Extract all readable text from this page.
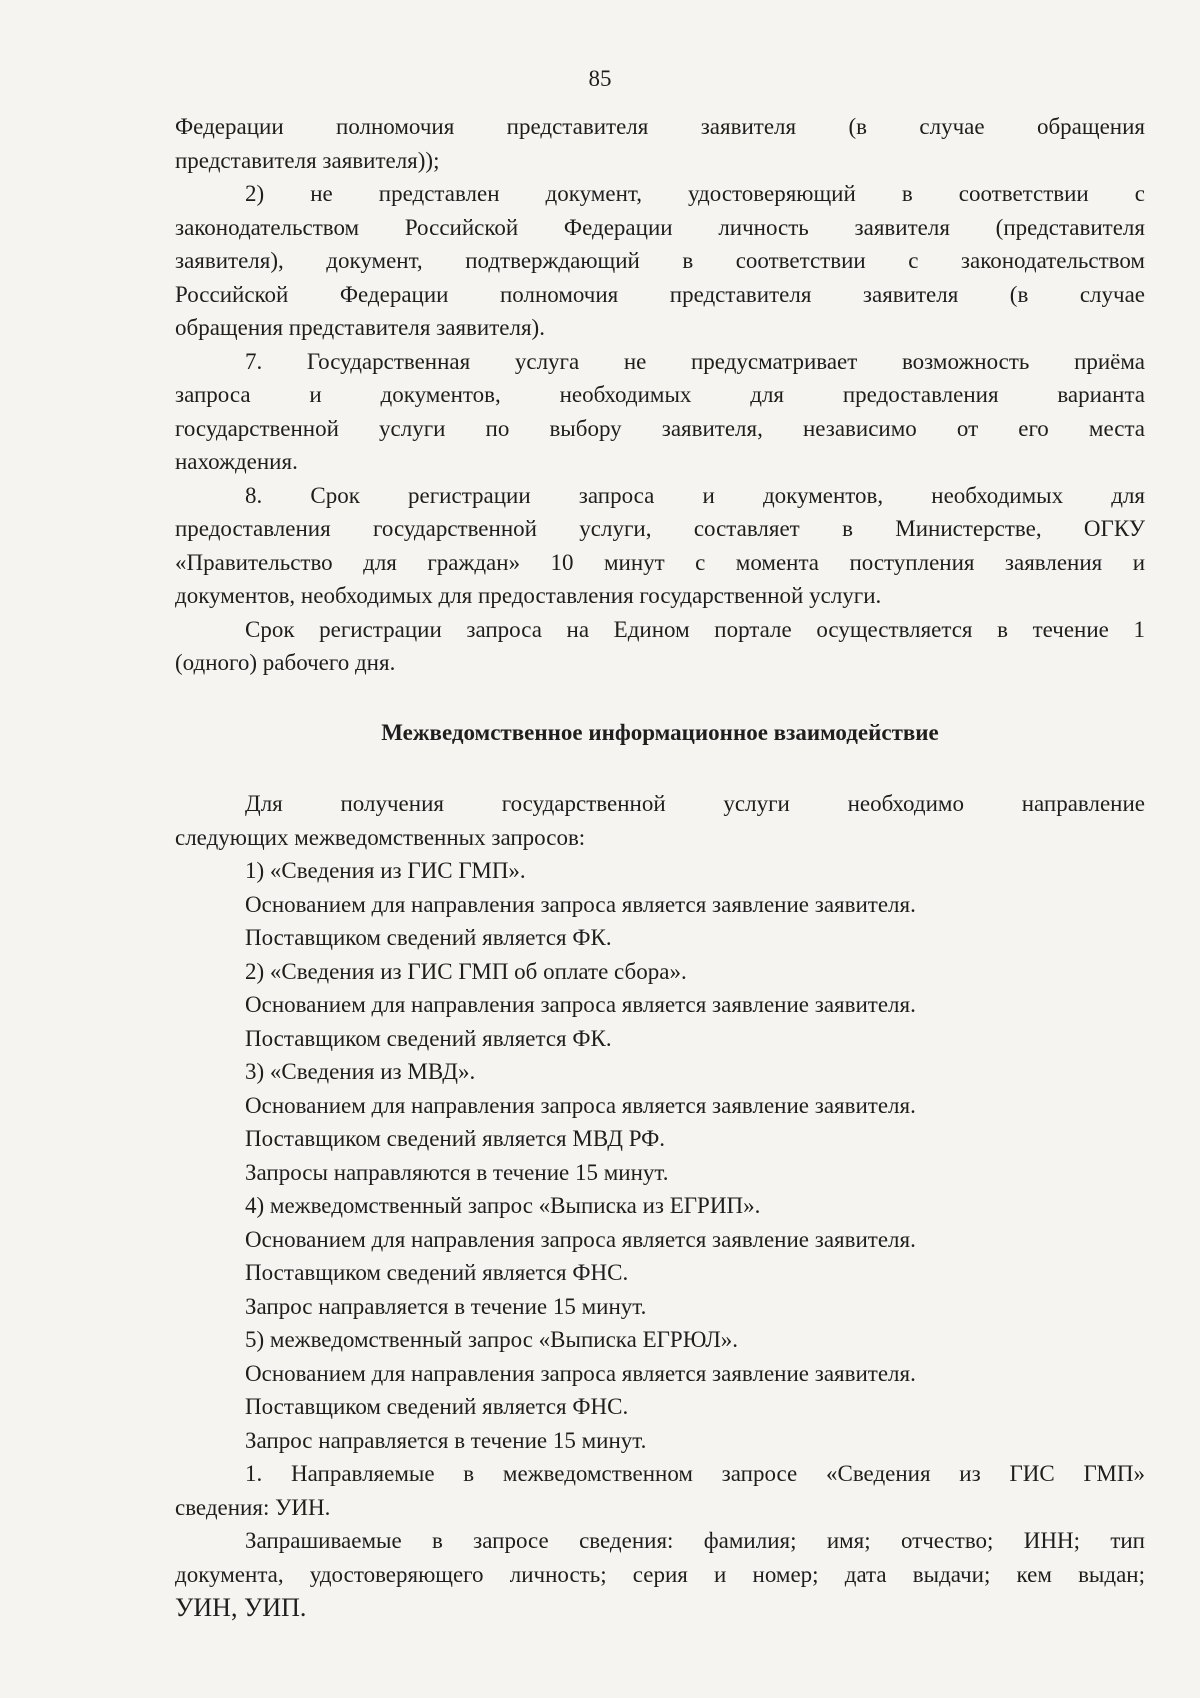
85

Федерации полномочия представителя заявителя (в случае обращения

представителя заявителя));

2) не представлен документ, удостоверяющий в соответствии с

законодательством Российской Федерации личность заявителя (представителя

заявителя), документ, подтверждающий в соответствии с законодательством

Российской Федерации полномочия представителя заявителя (в случае

обращения представителя заявителя).

7. Государственная услуга не предусматривает возможность приёма

запроса и документов, необходимых для предоставления варианта

государственной услуги по выбору заявителя, независимо от его места

нахождения.

8. Срок регистрации запроса и документов, необходимых для

предоставления государственной услуги, составляет в Министерстве, ОГКУ

«Правительство для граждан» 10 минут с момента поступления заявления и

документов, необходимых для предоставления государственной услуги.

Срок регистрации запроса на Едином портале осуществляется в течение 1

(одного) рабочего дня.

Межведомственное информационное взаимодействие

Для получения государственной услуги необходимо направление

следующих межведомственных запросов:

1) «Сведения из ГИС ГМП».

Основанием для направления запроса является заявление заявителя.

Поставщиком сведений является ФК.

2) «Сведения из ГИС ГМП об оплате сбора».

Основанием для направления запроса является заявление заявителя.

Поставщиком сведений является ФК.

3) «Сведения из МВД».

Основанием для направления запроса является заявление заявителя.

Поставщиком сведений является МВД РФ.

Запросы направляются в течение 15 минут.

4) межведомственный запрос «Выписка из ЕГРИП».

Основанием для направления запроса является заявление заявителя.

Поставщиком сведений является ФНС.

Запрос направляется в течение 15 минут.

5) межведомственный запрос «Выписка ЕГРЮЛ».

Основанием для направления запроса является заявление заявителя.

Поставщиком сведений является ФНС.

Запрос направляется в течение 15 минут.

1. Направляемые в межведомственном запросе «Сведения из ГИС ГМП»

сведения: УИН.

Запрашиваемые в запросе сведения: фамилия; имя; отчество; ИНН; тип

документа, удостоверяющего личность; серия и номер; дата выдачи; кем выдан;

УИН, УИП.
